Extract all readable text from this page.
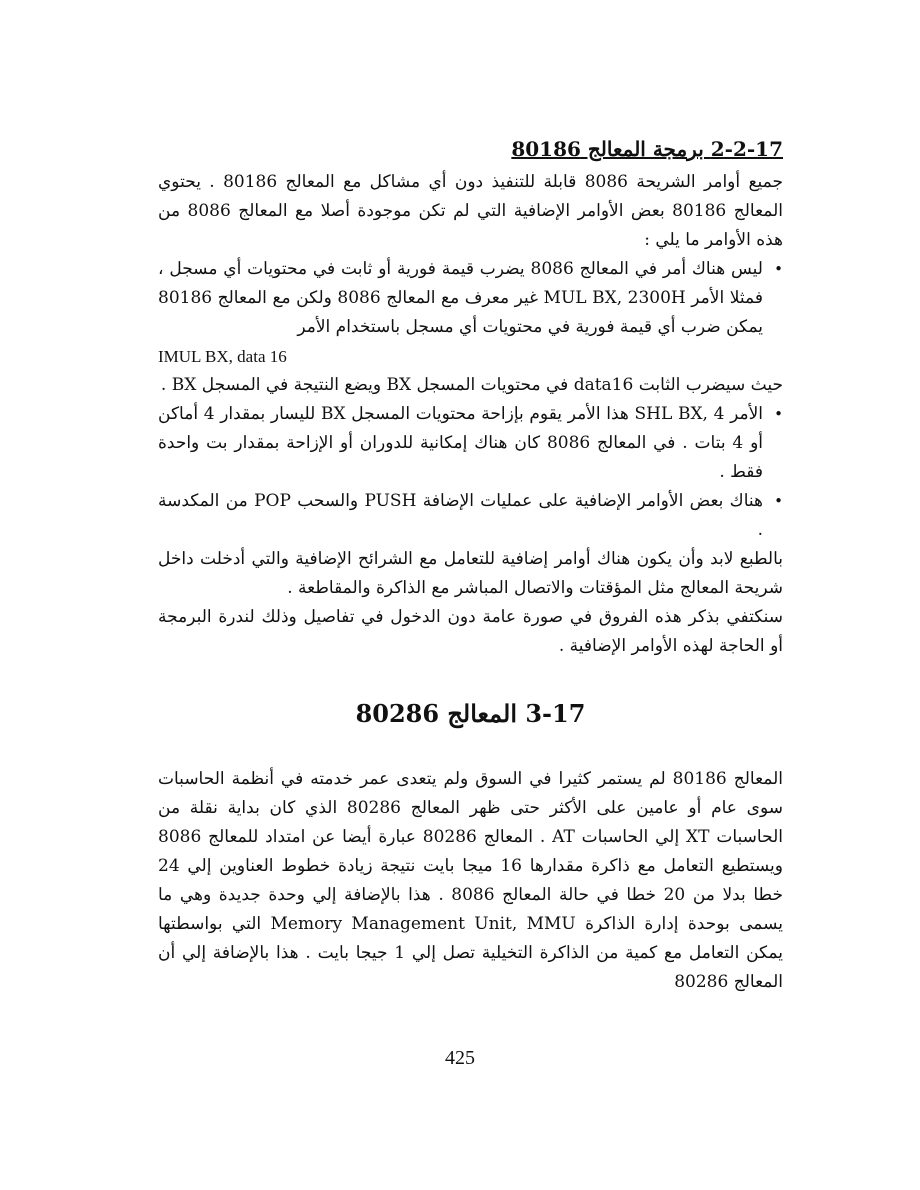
2-2-17 برمجة المعالج 80186

جميع أوامر الشريحة 8086 قابلة للتنفيذ دون أي مشاكل مع المعالج 80186 . يحتوي المعالج 80186 بعض الأوامر الإضافية التي لم تكن موجودة أصلا مع المعالج 8086 من هذه الأوامر ما يلي :

•
ليس هناك أمر في المعالج 8086 يضرب قيمة فورية أو ثابت في محتويات أي مسجل ، فمثلا الأمر MUL BX, 2300H غير معرف مع المعالج 8086 ولكن مع المعالج 80186 يمكن ضرب أي قيمة فورية في محتويات أي مسجل باستخدام الأمر

IMUL BX, data 16

حيث سيضرب الثابت data16 في محتويات المسجل BX ويضع النتيجة في المسجل BX .

•
الأمر SHL BX, 4 هذا الأمر يقوم بإزاحة محتويات المسجل BX لليسار بمقدار 4 أماكن أو 4 بتات . في المعالج 8086 كان هناك إمكانية للدوران أو الإزاحة بمقدار بت واحدة فقط .
•
هناك بعض الأوامر الإضافية على عمليات الإضافة PUSH والسحب POP من المكدسة .

بالطبع لابد وأن يكون هناك أوامر إضافية للتعامل مع الشرائح الإضافية والتي أدخلت داخل شريحة المعالج مثل المؤقتات والاتصال المباشر مع الذاكرة والمقاطعة .

سنكتفي بذكر هذه الفروق في صورة عامة دون الدخول في تفاصيل وذلك لندرة البرمجة أو الحاجة لهذه الأوامر الإضافية .

3-17 المعالج 80286

المعالج 80186 لم يستمر كثيرا في السوق ولم يتعدى عمر خدمته في أنظمة الحاسبات سوى عام أو عامين على الأكثر حتى ظهر المعالج 80286 الذي كان بداية نقلة من الحاسبات XT إلي الحاسبات AT . المعالج 80286 عبارة أيضا عن امتداد للمعالج 8086 ويستطيع التعامل مع ذاكرة مقدارها 16 ميجا بايت نتيجة زيادة خطوط العناوين إلي 24 خطا بدلا من 20 خطا في حالة المعالج 8086 . هذا بالإضافة إلي وحدة جديدة وهي ما يسمى بوحدة إدارة الذاكرة Memory Management Unit, MMU التي بواسطتها يمكن التعامل مع كمية من الذاكرة التخيلية تصل إلي 1 جيجا بايت . هذا بالإضافة إلي أن المعالج 80286

425
